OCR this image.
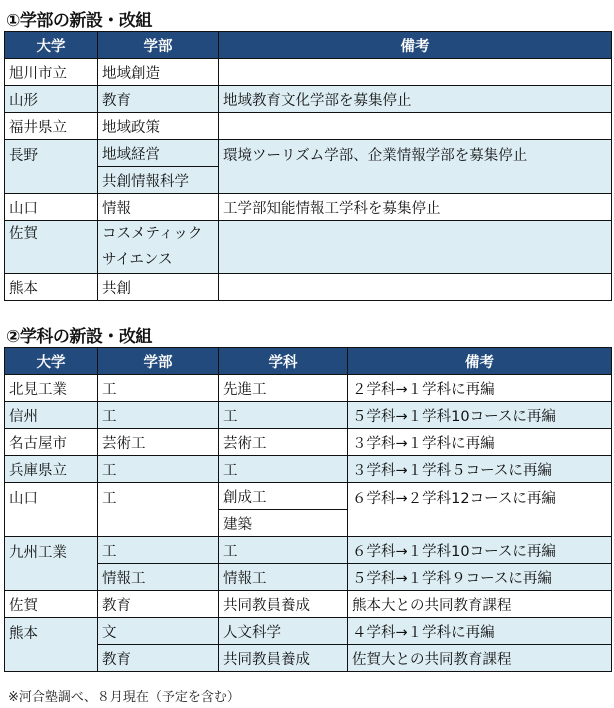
①学部の新設・改組
大学	学部	備考
旭川市立	地域創造	
山形	教育	地域教育文化学部を募集停止
福井県立	地域政策	
長野	地域経営	環境ツーリズム学部、企業情報学部を募集停止
	共創情報科学	
山口	情報	工学部知能情報工学科を募集停止
佐賀	コスメティック
サイエンス	
熊本	共創	
②学科の新設・改組
大学	学部	学科	備考
北見工業	工	先進工	２学科→１学科に再編
信州	工	工	５学科→１学科10コースに再編
名古屋市	芸術工	芸術工	３学科→１学科に再編
兵庫県立	工	工	３学科→１学科５コースに再編
山口	工	創成工	６学科→２学科12コースに再編
		建築	
九州工業	工	工	６学科→１学科10コースに再編
	情報工	情報工	５学科→１学科９コースに再編
佐賀	教育	共同教員養成	熊本大との共同教育課程
熊本	文	人文科学	４学科→１学科に再編
	教育	共同教員養成	佐賀大との共同教育課程
※河合塾調べ、８月現在（予定を含む）
